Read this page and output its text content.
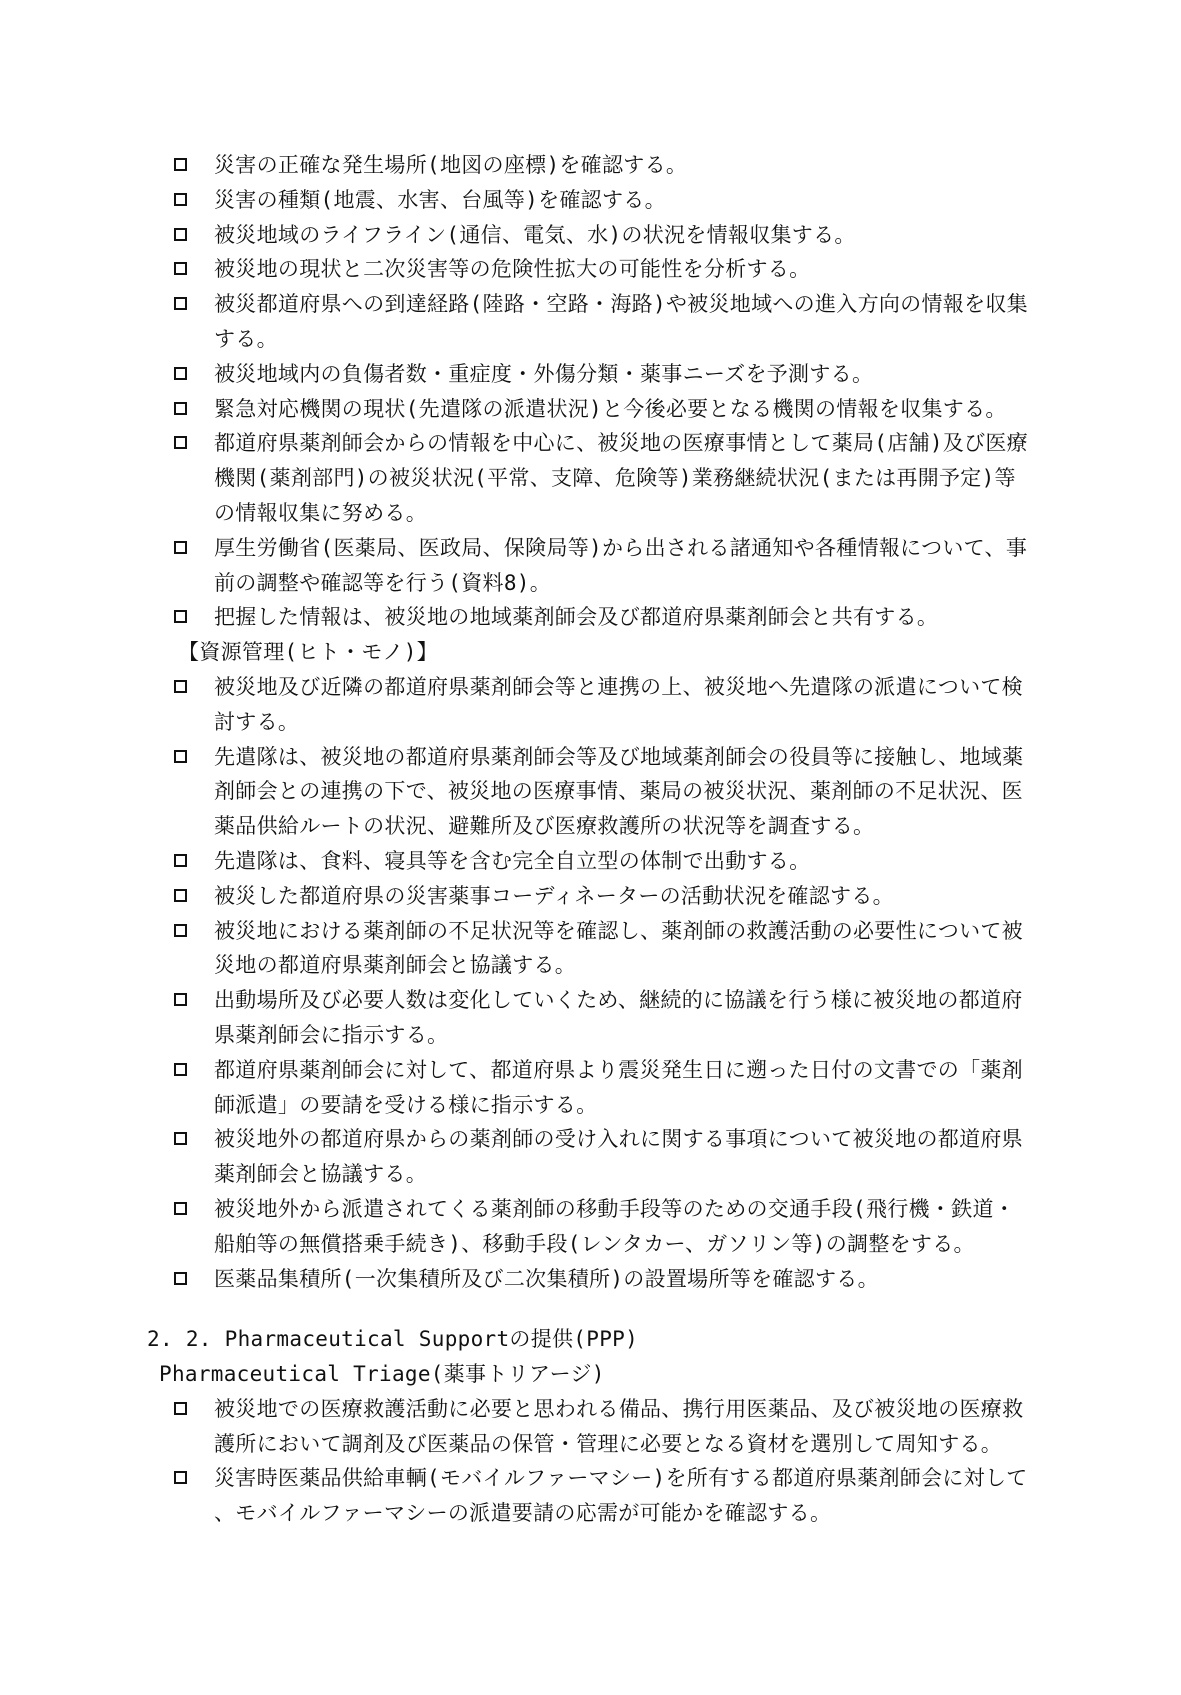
災害の正確な発生場所(地図の座標)を確認する。
災害の種類(地震、水害、台風等)を確認する。
被災地域のライフライン(通信、電気、水)の状況を情報収集する。
被災地の現状と二次災害等の危険性拡大の可能性を分析する。
被災都道府県への到達経路(陸路・空路・海路)や被災地域への進入方向の情報を収集する。
被災地域内の負傷者数・重症度・外傷分類・薬事ニーズを予測する。
緊急対応機関の現状(先遣隊の派遣状況)と今後必要となる機関の情報を収集する。
都道府県薬剤師会からの情報を中心に、被災地の医療事情として薬局(店舗)及び医療機関(薬剤部門)の被災状況(平常、支障、危険等)業務継続状況(または再開予定)等の情報収集に努める。
厚生労働省(医薬局、医政局、保険局等)から出される諸通知や各種情報について、事前の調整や確認等を行う(資料8)。
把握した情報は、被災地の地域薬剤師会及び都道府県薬剤師会と共有する。
【資源管理(ヒト・モノ)】
被災地及び近隣の都道府県薬剤師会等と連携の上、被災地へ先遣隊の派遣について検討する。
先遣隊は、被災地の都道府県薬剤師会等及び地域薬剤師会の役員等に接触し、地域薬剤師会との連携の下で、被災地の医療事情、薬局の被災状況、薬剤師の不足状況、医薬品供給ルートの状況、避難所及び医療救護所の状況等を調査する。
先遣隊は、食料、寝具等を含む完全自立型の体制で出動する。
被災した都道府県の災害薬事コーディネーターの活動状況を確認する。
被災地における薬剤師の不足状況等を確認し、薬剤師の救護活動の必要性について被災地の都道府県薬剤師会と協議する。
出動場所及び必要人数は変化していくため、継続的に協議を行う様に被災地の都道府県薬剤師会に指示する。
都道府県薬剤師会に対して、都道府県より震災発生日に遡った日付の文書での「薬剤師派遣」の要請を受ける様に指示する。
被災地外の都道府県からの薬剤師の受け入れに関する事項について被災地の都道府県薬剤師会と協議する。
被災地外から派遣されてくる薬剤師の移動手段等のための交通手段(飛行機・鉄道・船舶等の無償搭乗手続き)、移動手段(レンタカー、ガソリン等)の調整をする。
医薬品集積所(一次集積所及び二次集積所)の設置場所等を確認する。
2. 2. Pharmaceutical Supportの提供(PPP)
Pharmaceutical Triage(薬事トリアージ)
被災地での医療救護活動に必要と思われる備品、携行用医薬品、及び被災地の医療救護所において調剤及び医薬品の保管・管理に必要となる資材を選別して周知する。
災害時医薬品供給車輌(モバイルファーマシー)を所有する都道府県薬剤師会に対して、モバイルファーマシーの派遣要請の応需が可能かを確認する。
